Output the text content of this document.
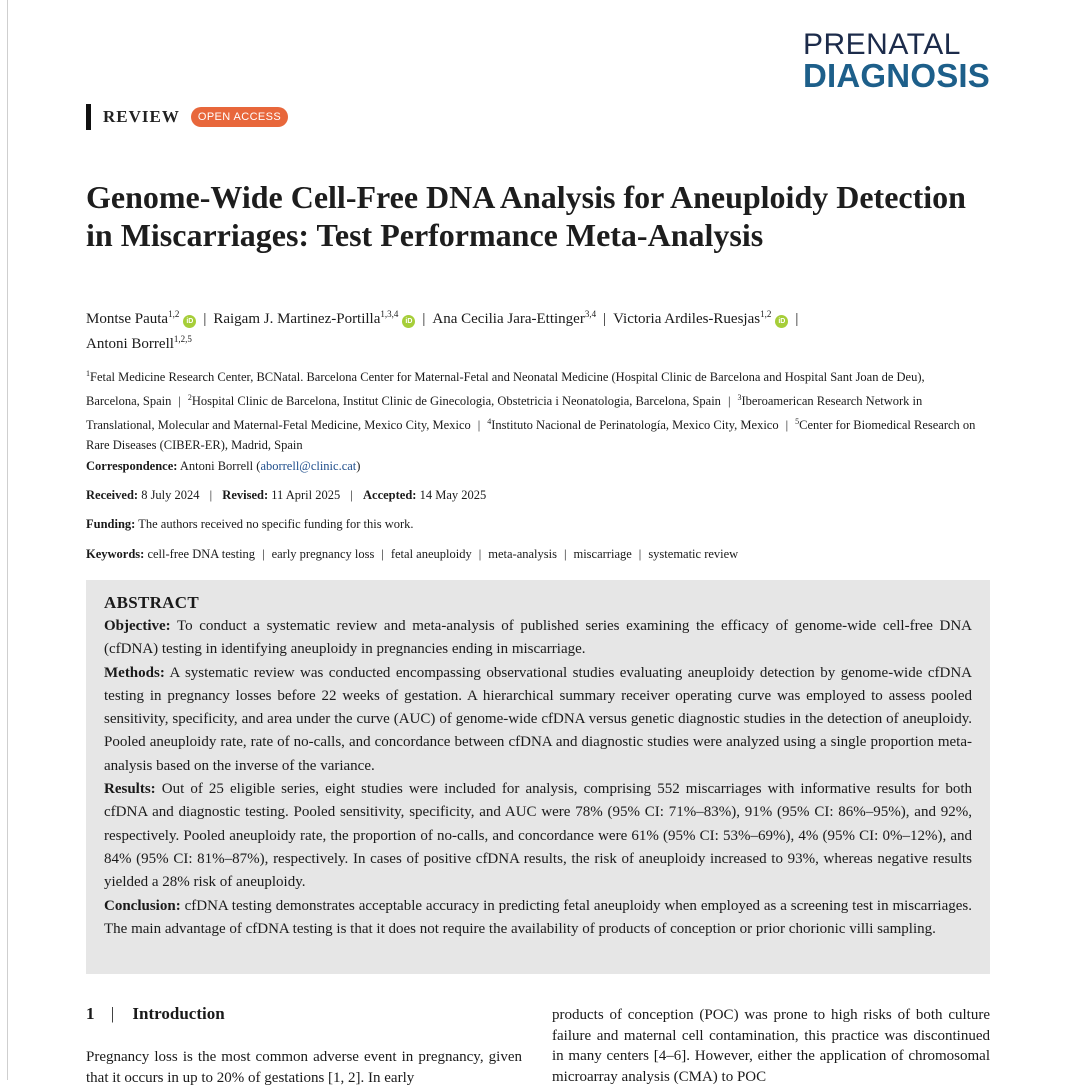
PRENATAL
DIAGNOSIS
REVIEW	OPEN ACCESS
Genome-Wide Cell-Free DNA Analysis for Aneuploidy Detection in Miscarriages: Test Performance Meta-Analysis
Montse Pauta$^{1,2}$iD | Raigam J. Martinez-Portilla$^{1,3,4}$iD | Ana Cecilia Jara-Ettinger$^{3,4}$ | Victoria Ardiles-Ruesjas$^{1,2}$iD |
Antoni Borrell$^{1,2,5}$
$^1$Fetal Medicine Research Center, BCNatal. Barcelona Center for Maternal-Fetal and Neonatal Medicine (Hospital Clinic de Barcelona and Hospital Sant Joan de Deu), Barcelona, Spain | $^2$Hospital Clinic de Barcelona, Institut Clinic de Ginecologia, Obstetricia i Neonatologia, Barcelona, Spain | $^3$Iberoamerican Research Network in Translational, Molecular and Maternal-Fetal Medicine, Mexico City, Mexico | $^4$Instituto Nacional de Perinatología, Mexico City, Mexico | $^5$Center for Biomedical Research on Rare Diseases (CIBER-ER), Madrid, Spain
Correspondence: Antoni Borrell (aborrell@clinic.cat)
Received: 8 July 2024 | Revised: 11 April 2025 | Accepted: 14 May 2025
Funding: The authors received no specific funding for this work.
Keywords: cell-free DNA testing | early pregnancy loss | fetal aneuploidy | meta-analysis | miscarriage | systematic review
ABSTRACT

Objective: To conduct a systematic review and meta-analysis of published series examining the efficacy of genome-wide cell-free DNA (cfDNA) testing in identifying aneuploidy in pregnancies ending in miscarriage.

Methods: A systematic review was conducted encompassing observational studies evaluating aneuploidy detection by genome-wide cfDNA testing in pregnancy losses before 22 weeks of gestation. A hierarchical summary receiver operating curve was employed to assess pooled sensitivity, specificity, and area under the curve (AUC) of genome-wide cfDNA versus genetic diagnostic studies in the detection of aneuploidy. Pooled aneuploidy rate, rate of no-calls, and concordance between cfDNA and diagnostic studies were analyzed using a single proportion meta-analysis based on the inverse of the variance.

Results: Out of 25 eligible series, eight studies were included for analysis, comprising 552 miscarriages with informative results for both cfDNA and diagnostic testing. Pooled sensitivity, specificity, and AUC were 78% (95% CI: 71%–83%), 91% (95% CI: 86%–95%), and 92%, respectively. Pooled aneuploidy rate, the proportion of no-calls, and concordance were 61% (95% CI: 53%–69%), 4% (95% CI: 0%–12%), and 84% (95% CI: 81%–87%), respectively. In cases of positive cfDNA results, the risk of aneuploidy increased to 93%, whereas negative results yielded a 28% risk of aneuploidy.

Conclusion: cfDNA testing demonstrates acceptable accuracy in predicting fetal aneuploidy when employed as a screening test in miscarriages. The main advantage of cfDNA testing is that it does not require the availability of products of conception or prior chorionic villi sampling.

1 | Introduction

Pregnancy loss is the most common adverse event in pregnancy, given that it occurs in up to 20% of gestations [1, 2]. In early

products of conception (POC) was prone to high risks of both culture failure and maternal cell contamination, this practice was discontinued in many centers [4–6]. However, either the application of chromosomal microarray analysis (CMA) to POC
